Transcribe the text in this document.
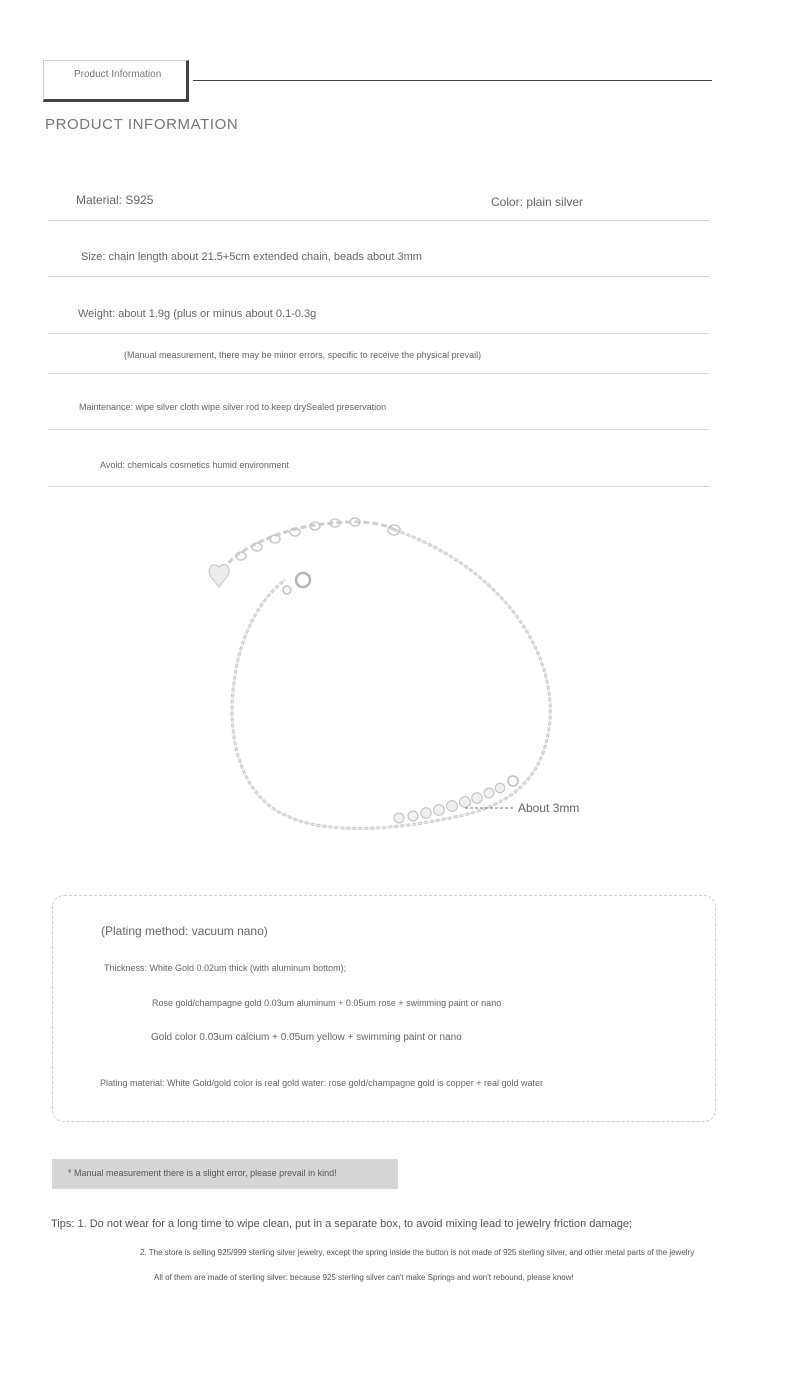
Product Information
PRODUCT INFORMATION
Material: S925	Color: plain silver
Size: chain length about 21.5+5cm extended chain, beads about 3mm
Weight: about 1.9g (plus or minus about 0.1-0.3g
(Manual measurement, there may be minor errors, specific to receive the physical prevail)
Maintenance: wipe silver cloth wipe silver rod to keep drySealed preservation
Avoid: chemicals cosmetics humid environment
About 3mm
(Plating method: vacuum nano)
Thickness: White Gold 0.02um thick (with aluminum bottom);
Rose gold/champagne gold 0.03um aluminum + 0.05um rose + swimming paint or nano
Gold color 0.03um calcium + 0.05um yellow + swimming paint or nano
Plating material: White Gold/gold color is real gold water: rose gold/champagne gold is copper + real gold water
* Manual measurement there is a slight error, please prevail in kind!
Tips: 1. Do not wear for a long time to wipe clean, put in a separate box, to avoid mixing lead to jewelry friction damage;
2. The store is selling 925/999 sterling silver jewelry, except the spring inside the button is not made of 925 sterling silver, and other metal parts of the jewelry
All of them are made of sterling silver: because 925 sterling silver can't make Springs and won't rebound, please know!
